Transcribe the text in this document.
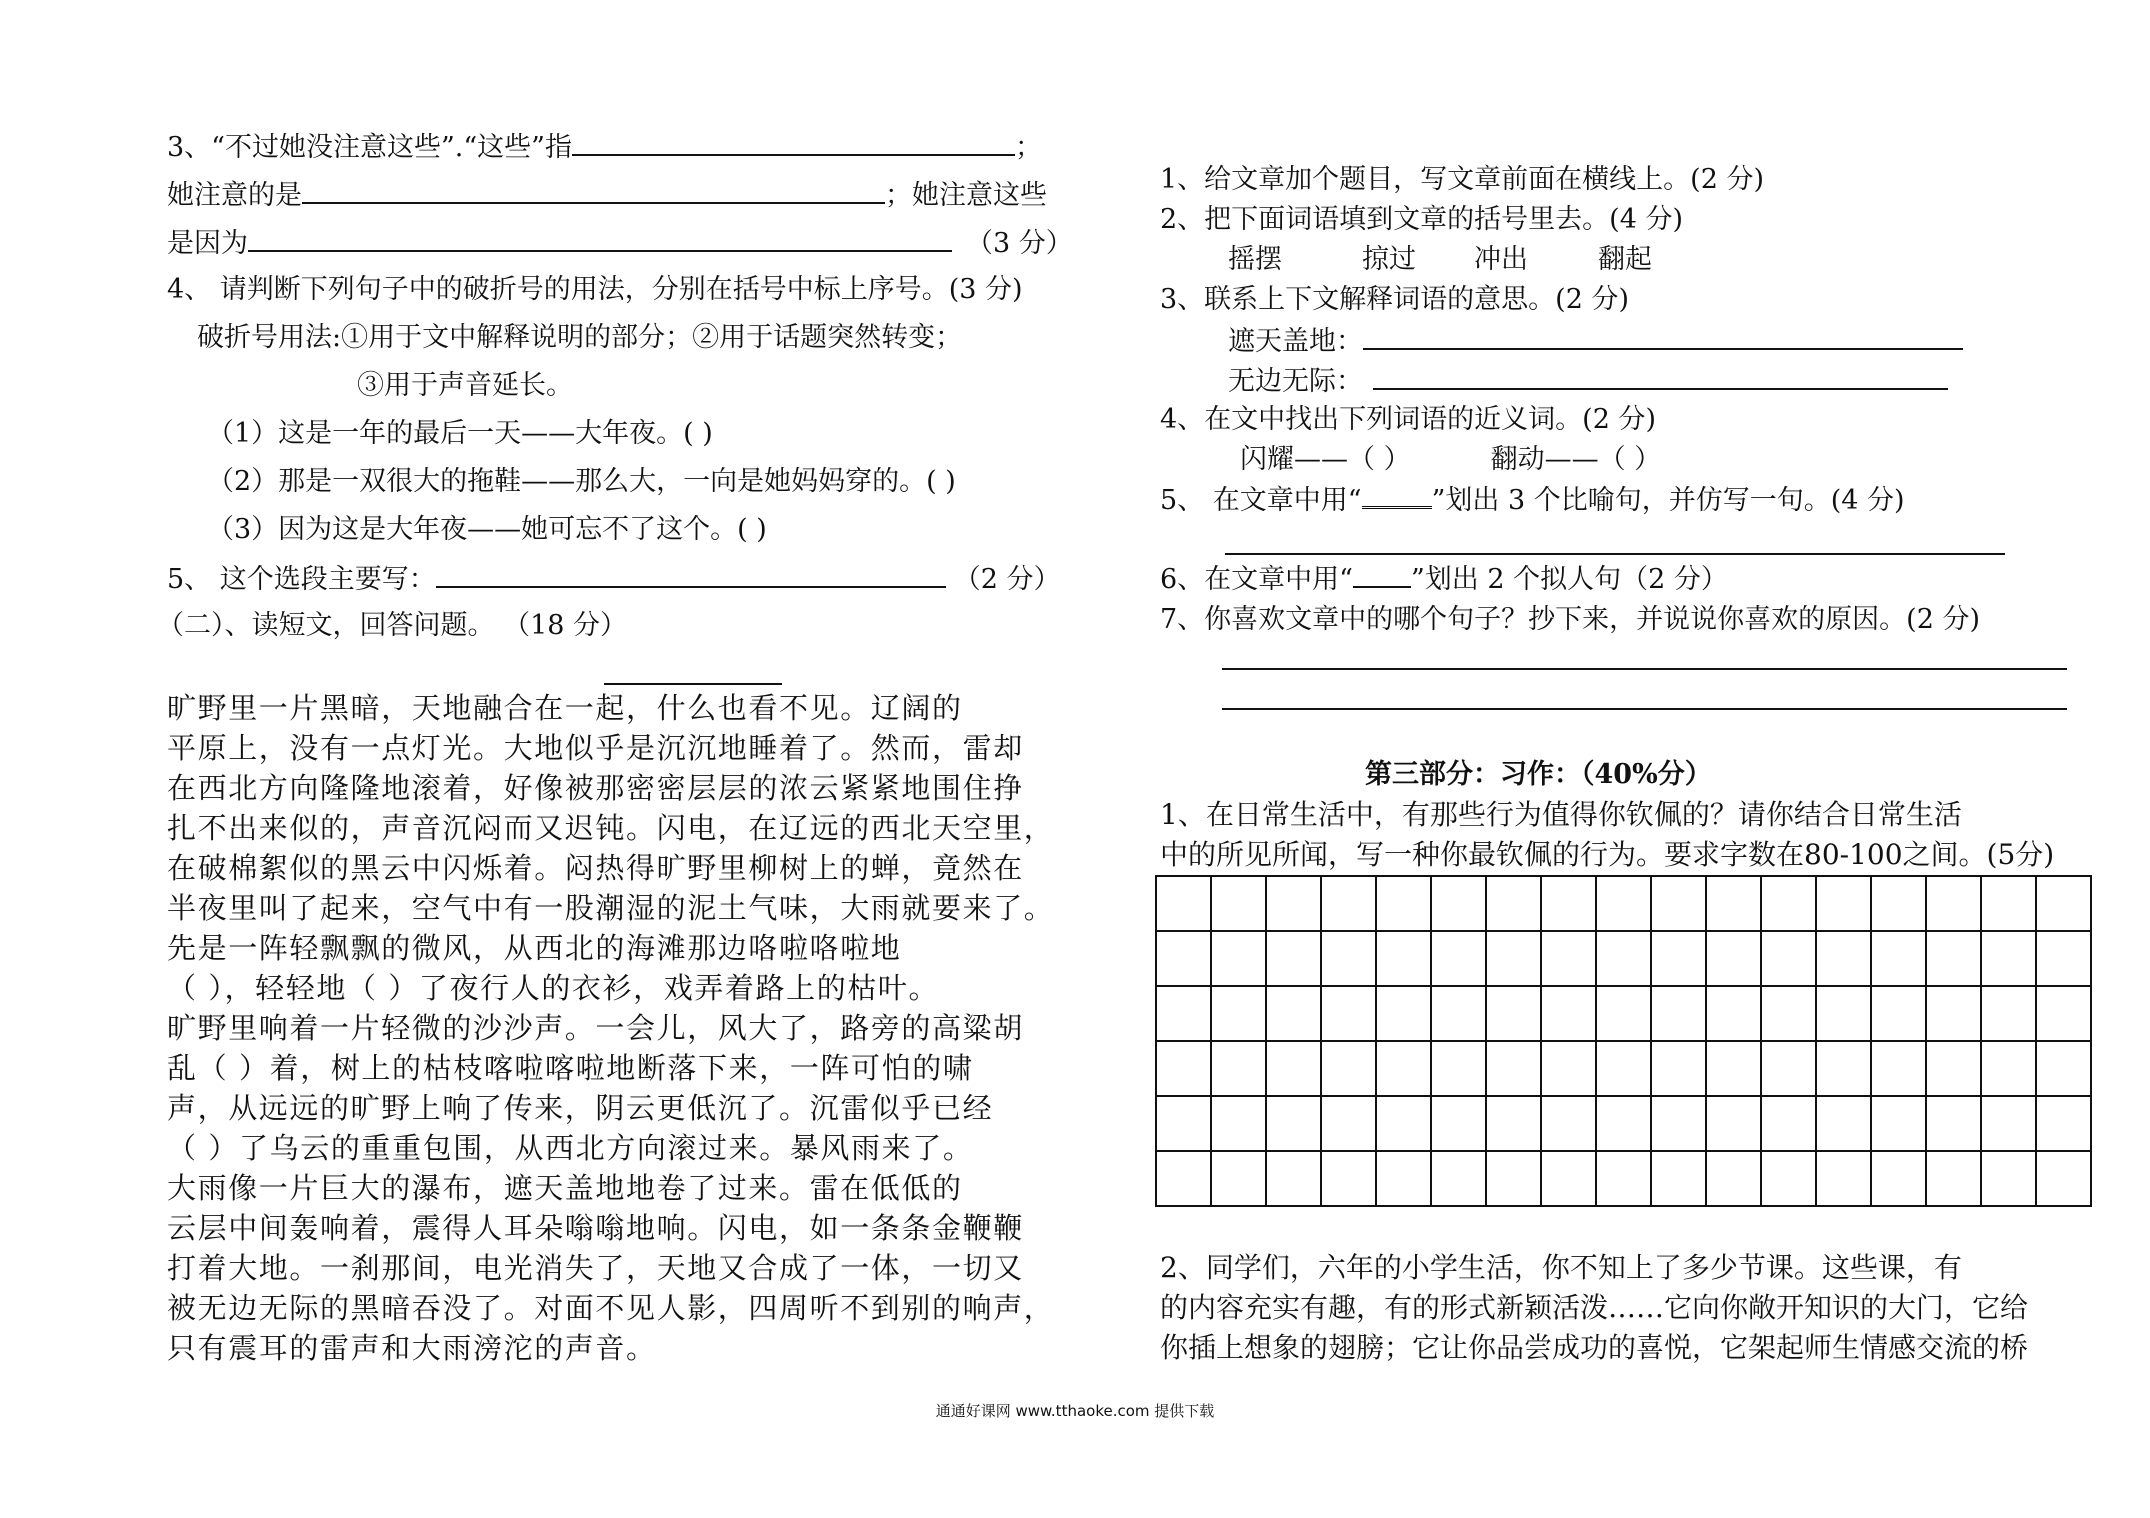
3、“不过她没注意这些”.“这些”指	；
她注意的是	；她注意这些
是因为	（3 分）
4、 请判断下列句子中的破折号的用法，分别在括号中标上序号。(3 分)
破折号用法:①用于文中解释说明的部分；②用于话题突然转变；
③用于声音延长。
（1）这是一年的最后一天——大年夜。( )
（2）那是一双很大的拖鞋——那么大，一向是她妈妈穿的。( )
（3）因为这是大年夜——她可忘不了这个。( )
5、 这个选段主要写：	（2 分）
（二）、读短文，回答问题。 （18 分）
旷野里一片黑暗，天地融合在一起，什么也看不见。辽阔的
平原上，没有一点灯光。大地似乎是沉沉地睡着了。然而，雷却
在西北方向隆隆地滚着，好像被那密密层层的浓云紧紧地围住挣
扎不出来似的，声音沉闷而又迟钝。闪电，在辽远的西北天空里，
在破棉絮似的黑云中闪烁着。闷热得旷野里柳树上的蝉，竟然在
半夜里叫了起来，空气中有一股潮湿的泥土气味，大雨就要来了。
先是一阵轻飘飘的微风，从西北的海滩那边咯啦咯啦地
（ ），轻轻地（ ）了夜行人的衣衫，戏弄着路上的枯叶。
旷野里响着一片轻微的沙沙声。一会儿，风大了，路旁的高粱胡
乱（ ）着，树上的枯枝喀啦喀啦地断落下来，一阵可怕的啸
声，从远远的旷野上响了传来，阴云更低沉了。沉雷似乎已经
（ ）了乌云的重重包围，从西北方向滚过来。暴风雨来了。
大雨像一片巨大的瀑布，遮天盖地地卷了过来。雷在低低的
云层中间轰响着，震得人耳朵嗡嗡地响。闪电，如一条条金鞭鞭
打着大地。一刹那间，电光消失了，天地又合成了一体，一切又
被无边无际的黑暗吞没了。对面不见人影，四周听不到别的响声，
只有震耳的雷声和大雨滂沱的声音。
1、给文章加个题目，写文章前面在横线上。(2 分)
2、把下面词语填到文章的括号里去。(4 分)
摇摆	掠过 冲出	翻起
3、联系上下文解释词语的意思。(2 分)
遮天盖地：
无边无际：
4、在文中找出下列词语的近义词。(2 分)
闪耀——（ ）	翻动——（ ）
5、 在文章中用“	”划出 3 个比喻句，并仿写一句。(4 分)
6、在文章中用“ ”划出 2 个拟人句（2 分）
7、你喜欢文章中的哪个句子？抄下来，并说说你喜欢的原因。(2 分)
第三部分：习作：（40%分）
1、在日常生活中，有那些行为值得你钦佩的？请你结合日常生活
中的所见所闻，写一种你最钦佩的行为。要求字数在80-100之间。(5分)

2、同学们，六年的小学生活，你不知上了多少节课。这些课，有
的内容充实有趣，有的形式新颖活泼……它向你敞开知识的大门，它给
你插上想象的翅膀；它让你品尝成功的喜悦，它架起师生情感交流的桥
通通好课网 www.tthaoke.com 提供下载
